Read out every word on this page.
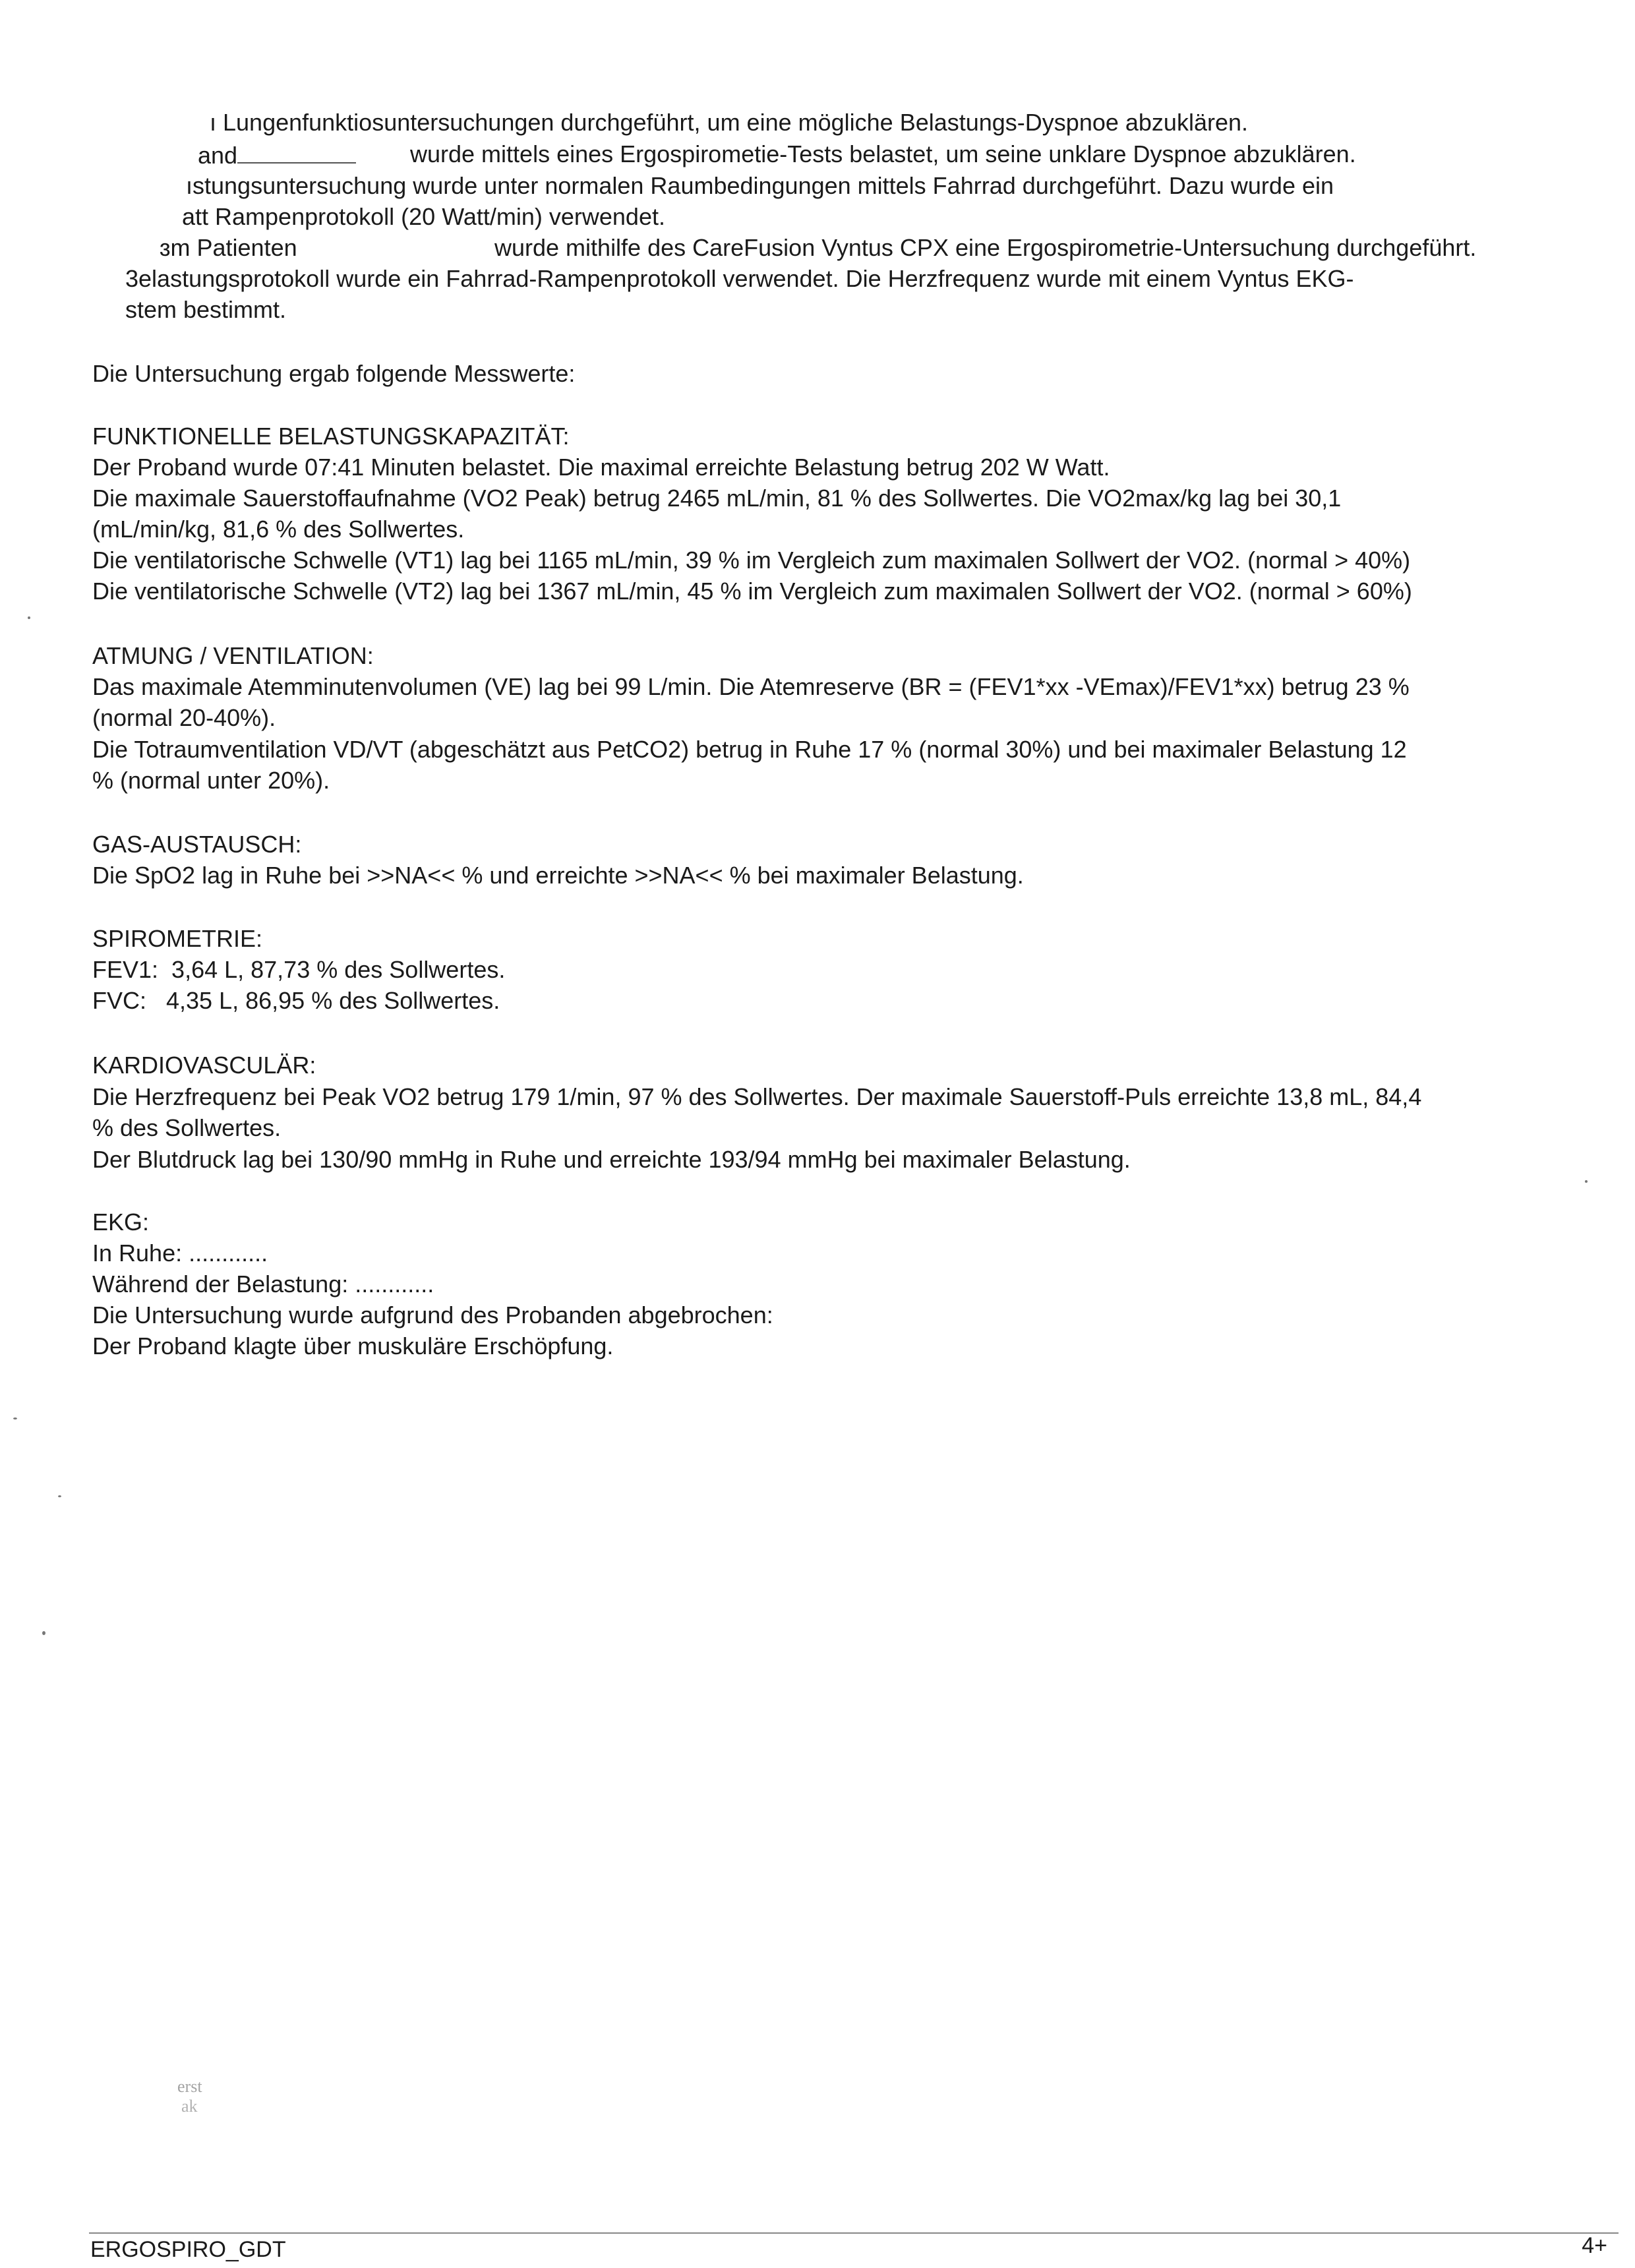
ı Lungenfunktiosuntersuchungen durchgeführt, um eine mögliche Belastungs-Dyspnoe abzuklären.

and	wurde mittels eines Ergospirometie-Tests belastet, um seine unklare Dyspnoe abzuklären.

ıstungsuntersuchung wurde unter normalen Raumbedingungen mittels Fahrrad durchgeführt. Dazu wurde ein

att Rampenprotokoll (20 Watt/min) verwendet.

ɜm Patienten	wurde mithilfe des CareFusion Vyntus CPX eine Ergospirometrie-Untersuchung durchgeführt.

3elastungsprotokoll wurde ein Fahrrad-Rampenprotokoll verwendet. Die Herzfrequenz wurde mit einem Vyntus EKG-

stem bestimmt.

Die Untersuchung ergab folgende Messwerte:

FUNKTIONELLE BELASTUNGSKAPAZITÄT:

Der Proband wurde 07:41 Minuten belastet. Die maximal erreichte Belastung betrug 202 W Watt.

Die maximale Sauerstoffaufnahme (VO2 Peak) betrug 2465 mL/min, 81 % des Sollwertes. Die VO2max/kg lag bei 30,1

(mL/min/kg, 81,6 % des Sollwertes.

Die ventilatorische Schwelle (VT1) lag bei 1165 mL/min, 39 % im Vergleich zum maximalen Sollwert der VO2. (normal > 40%)

Die ventilatorische Schwelle (VT2) lag bei 1367 mL/min, 45 % im Vergleich zum maximalen Sollwert der VO2. (normal > 60%)

ATMUNG / VENTILATION:

Das maximale Atemminutenvolumen (VE) lag bei 99 L/min. Die Atemreserve (BR = (FEV1*xx -VEmax)/FEV1*xx) betrug 23 %

(normal 20-40%).

Die Totraumventilation VD/VT (abgeschätzt aus PetCO2) betrug in Ruhe 17 % (normal 30%) und bei maximaler Belastung 12

% (normal unter 20%).

GAS-AUSTAUSCH:

Die SpO2 lag in Ruhe bei >>NA<< % und erreichte >>NA<< % bei maximaler Belastung.

SPIROMETRIE:

FEV1:  3,64 L, 87,73 % des Sollwertes.

FVC:   4,35 L, 86,95 % des Sollwertes.

KARDIOVASCULÄR:

Die Herzfrequenz bei Peak VO2 betrug 179 1/min, 97 % des Sollwertes. Der maximale Sauerstoff-Puls erreichte 13,8 mL, 84,4

% des Sollwertes.

Der Blutdruck lag bei 130/90 mmHg in Ruhe und erreichte 193/94 mmHg bei maximaler Belastung.

EKG:

In Ruhe: ............

Während der Belastung: ............

Die Untersuchung wurde aufgrund des Probanden abgebrochen:

Der Proband klagte über muskuläre Erschöpfung.

erst
ak
ERGOSPIRO_GDT	4+
